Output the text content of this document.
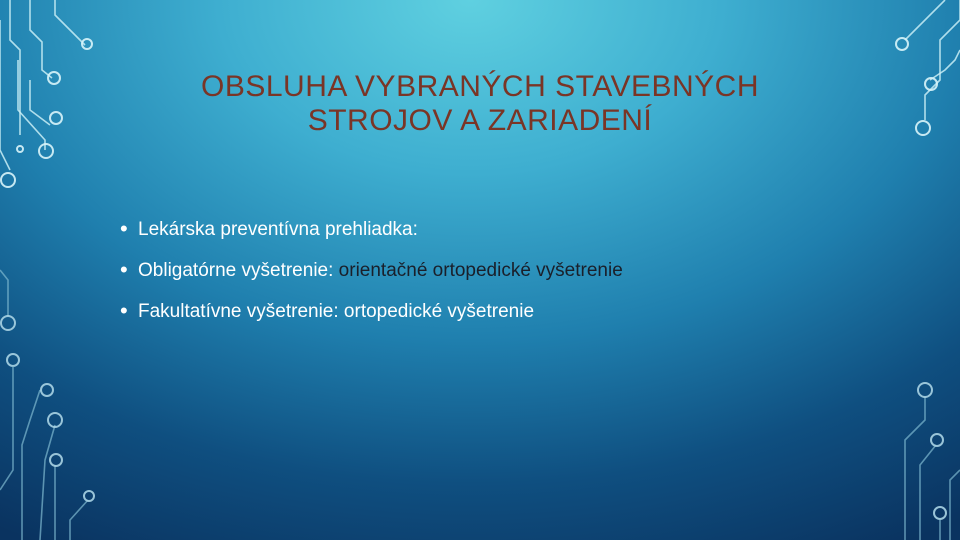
OBSLUHA VYBRANÝCH STAVEBNÝCH
STROJOV A ZARIADENÍ
• Lekárska preventívna prehliadka:
• Obligatórne vyšetrenie: orientačné ortopedické vyšetrenie
• Fakultatívne vyšetrenie: ortopedické vyšetrenie
